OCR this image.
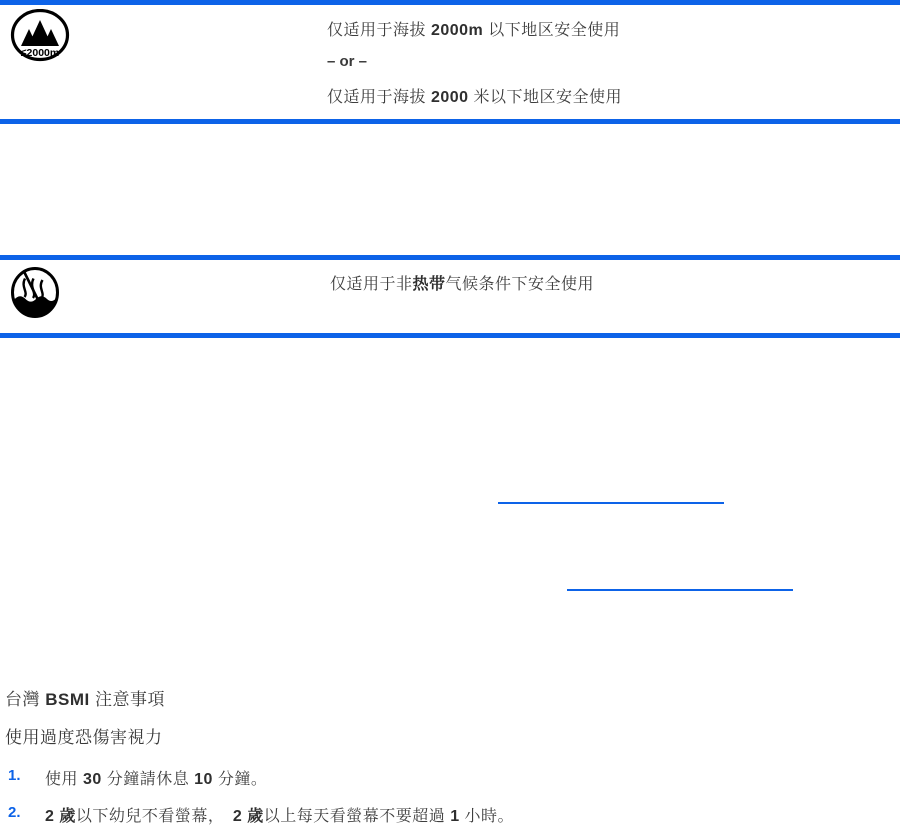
≤2000m
仅适用于海拔 2000m 以下地区安全使用
– or –
仅适用于海拔 2000 米以下地区安全使用
仅适用于非热带气候条件下安全使用
台灣 BSMI 注意事項
使用過度恐傷害視力
1. 使用 30 分鐘請休息 10 分鐘。
2. 2 歲以下幼兒不看螢幕，　2 歲以上每天看螢幕不要超過 1 小時。
